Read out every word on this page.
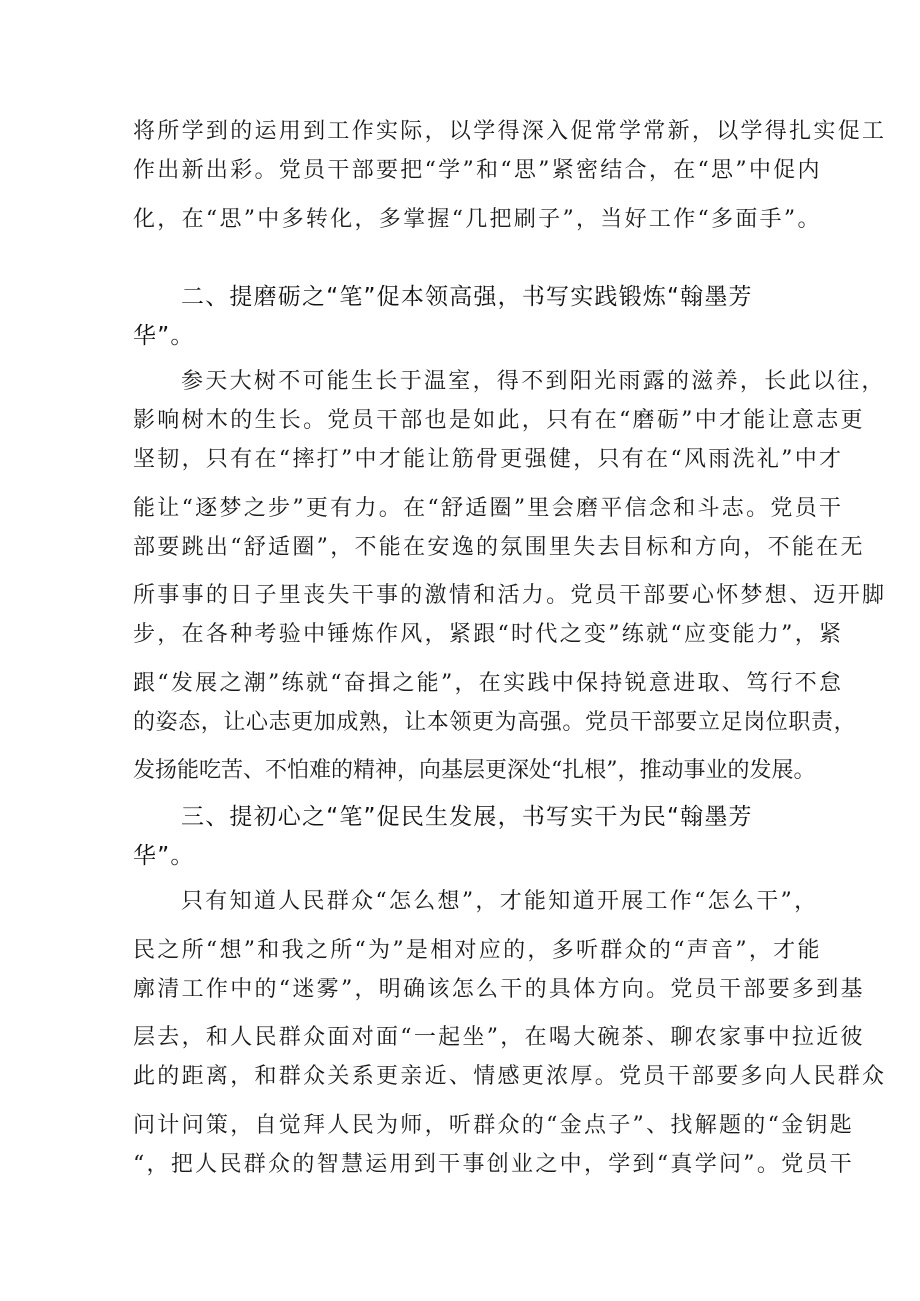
将所学到的运用到工作实际，以学得深入促常学常新，以学得扎实促工
作出新出彩。党员干部要把“学”和“思”紧密结合，在“思”中促内
化，在“思”中多转化，多掌握“几把刷子”，当好工作“多面手”。
二、提磨砺之“笔”促本领高强，书写实践锻炼“翰墨芳
华”。
参天大树不可能生长于温室，得不到阳光雨露的滋养，长此以往，
影响树木的生长。党员干部也是如此，只有在“磨砺”中才能让意志更
坚韧，只有在“摔打”中才能让筋骨更强健，只有在“风雨洗礼”中才
能让“逐梦之步”更有力。在“舒适圈”里会磨平信念和斗志。党员干
部要跳出“舒适圈”，不能在安逸的氛围里失去目标和方向，不能在无
所事事的日子里丧失干事的激情和活力。党员干部要心怀梦想、迈开脚
步，在各种考验中锤炼作风，紧跟“时代之变”练就“应变能力”，紧
跟“发展之潮”练就“奋揖之能”，在实践中保持锐意进取、笃行不怠
的姿态，让心志更加成熟，让本领更为高强。党员干部要立足岗位职责，
发扬能吃苦、不怕难的精神，向基层更深处“扎根”，推动事业的发展。
三、提初心之“笔”促民生发展，书写实干为民“翰墨芳
华”。
只有知道人民群众“怎么想”，才能知道开展工作“怎么干”，
民之所“想”和我之所“为”是相对应的，多听群众的“声音”，才能
廓清工作中的“迷雾”，明确该怎么干的具体方向。党员干部要多到基
层去，和人民群众面对面“一起坐”，在喝大碗茶、聊农家事中拉近彼
此的距离，和群众关系更亲近、情感更浓厚。党员干部要多向人民群众
问计问策，自觉拜人民为师，听群众的“金点子”、找解题的“金钥匙
“，把人民群众的智慧运用到干事创业之中，学到“真学问”。党员干
